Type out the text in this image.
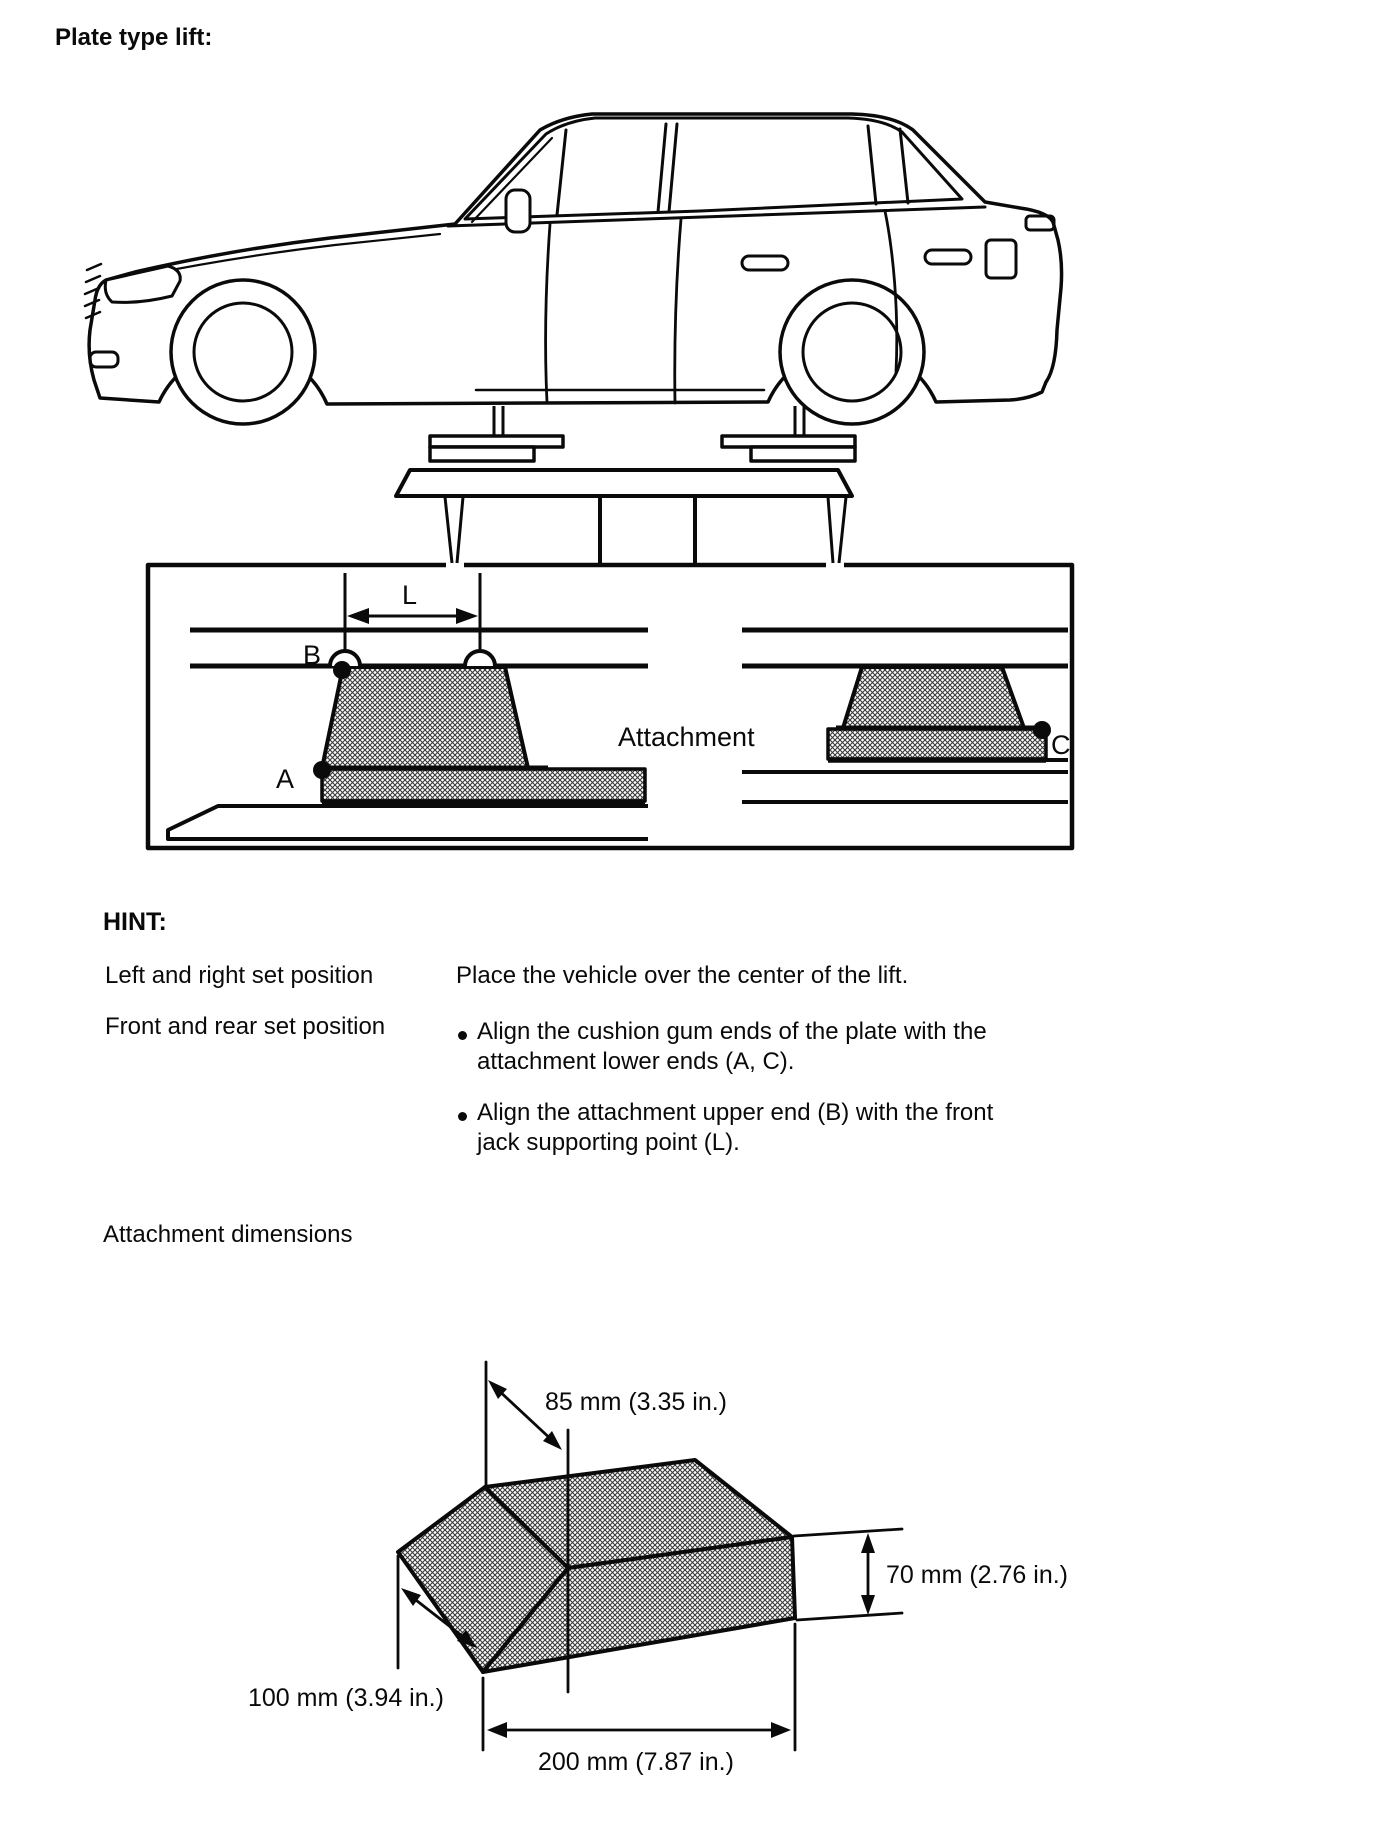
Plate type lift:
L
B
A
C
Attachment
85 mm (3.35 in.)
70 mm (2.76 in.)
100 mm (3.94 in.)
200 mm (7.87 in.)
HINT:
Left and right set position	Place the vehicle over the center of the lift.
Front and rear set position	Align the cushion gum ends of the plate with the
attachment lower ends (A, C).
Align the attachment upper end (B) with the front
jack supporting point (L).
Attachment dimensions
